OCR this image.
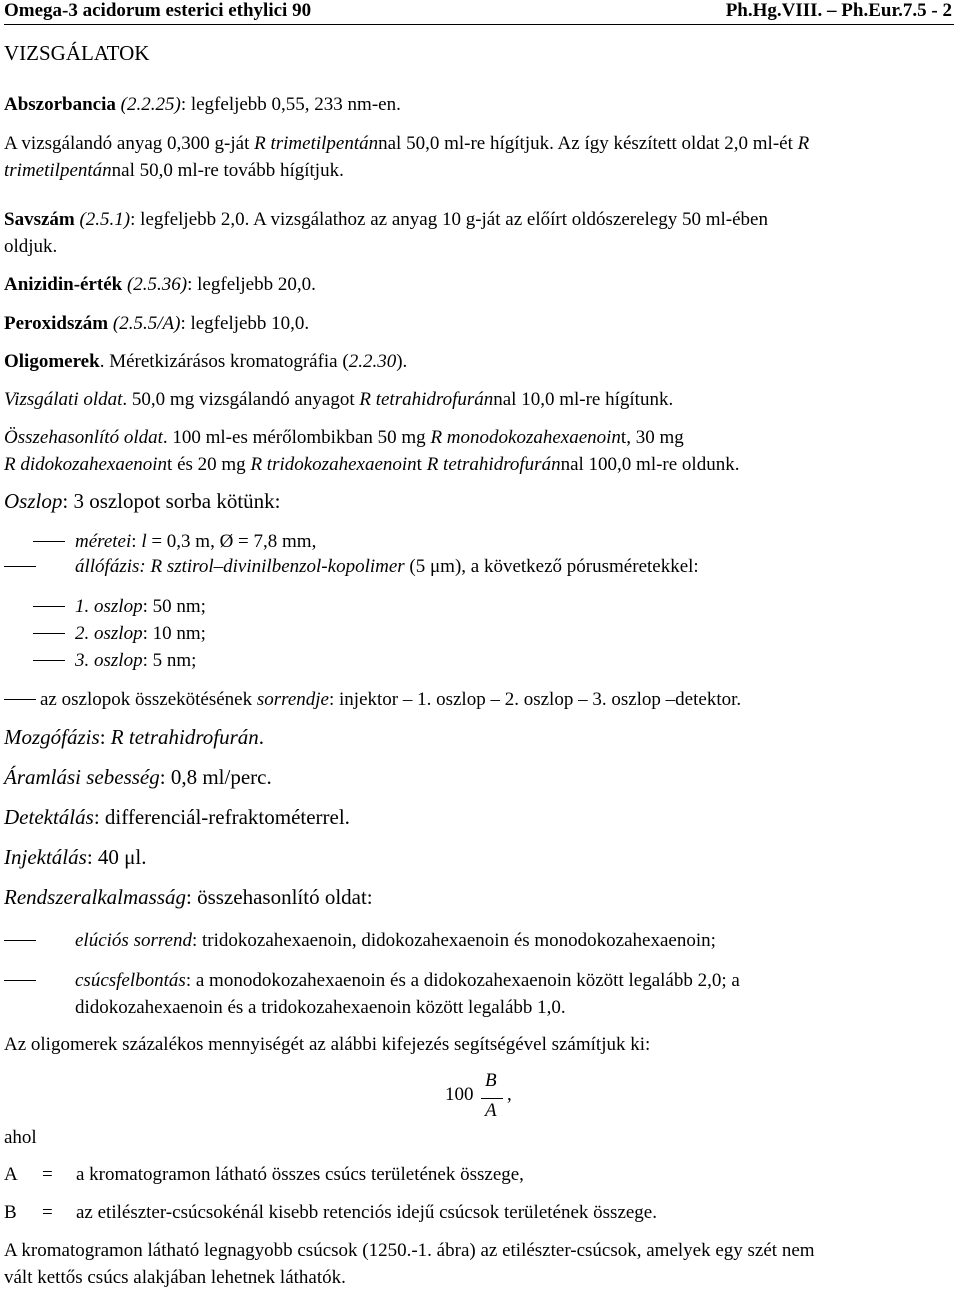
Omega-3 acidorum esterici ethylici 90	Ph.Hg.VIII. – Ph.Eur.7.5 - 2
VIZSGÁLATOK
Abszorbancia (2.2.25): legfeljebb 0,55, 233 nm-en.
A vizsgálandó anyag 0,300 g-ját R trimetilpentánnal 50,0 ml-re hígítjuk. Az így készített oldat 2,0 ml-ét R
trimetilpentánnal 50,0 ml-re tovább hígítjuk.
Savszám (2.5.1): legfeljebb 2,0. A vizsgálathoz az anyag 10 g-ját az előírt oldószerelegy 50 ml-ében
oldjuk.
Anizidin-érték (2.5.36): legfeljebb 20,0.
Peroxidszám (2.5.5/A): legfeljebb 10,0.
Oligomerek. Méretkizárásos kromatográfia (2.2.30).
Vizsgálati oldat. 50,0 mg vizsgálandó anyagot R tetrahidrofuránnal 10,0 ml-re hígítunk.
Összehasonlító oldat. 100 ml-es mérőlombikban 50 mg R monodokozahexaenoint, 30 mg
R didokozahexaenoint és 20 mg R tridokozahexaenoint R tetrahidrofuránnal 100,0 ml-re oldunk.
Oszlop: 3 oszlopot sorba kötünk:
méretei: l = 0,3 m, Ø = 7,8 mm,
állófázis: R sztirol–divinilbenzol-kopolimer (5 μm), a következő pórusméretekkel:
1. oszlop: 50 nm;
2. oszlop: 10 nm;
3. oszlop: 5 nm;
az oszlopok összekötésének sorrendje: injektor – 1. oszlop – 2. oszlop – 3. oszlop –detektor.
Mozgófázis: R tetrahidrofurán.
Áramlási sebesség: 0,8 ml/perc.
Detektálás: differenciál-refraktométerrel.
Injektálás: 40 μl.
Rendszeralkalmasság: összehasonlító oldat:
elúciós sorrend: tridokozahexaenoin, didokozahexaenoin és monodokozahexaenoin;
csúcsfelbontás: a monodokozahexaenoin és a didokozahexaenoin között legalább 2,0; a
didokozahexaenoin és a tridokozahexaenoin között legalább 1,0.
Az oligomerek százalékos mennyiségét az alábbi kifejezés segítségével számítjuk ki:
100
B
A
,
ahol
A = a kromatogramon látható összes csúcs területének összege,
B = az etilészter-csúcsokénál kisebb retenciós idejű csúcsok területének összege.
A kromatogramon látható legnagyobb csúcsok (1250.-1. ábra) az etilészter-csúcsok, amelyek egy szét nem
vált kettős csúcs alakjában lehetnek láthatók.
